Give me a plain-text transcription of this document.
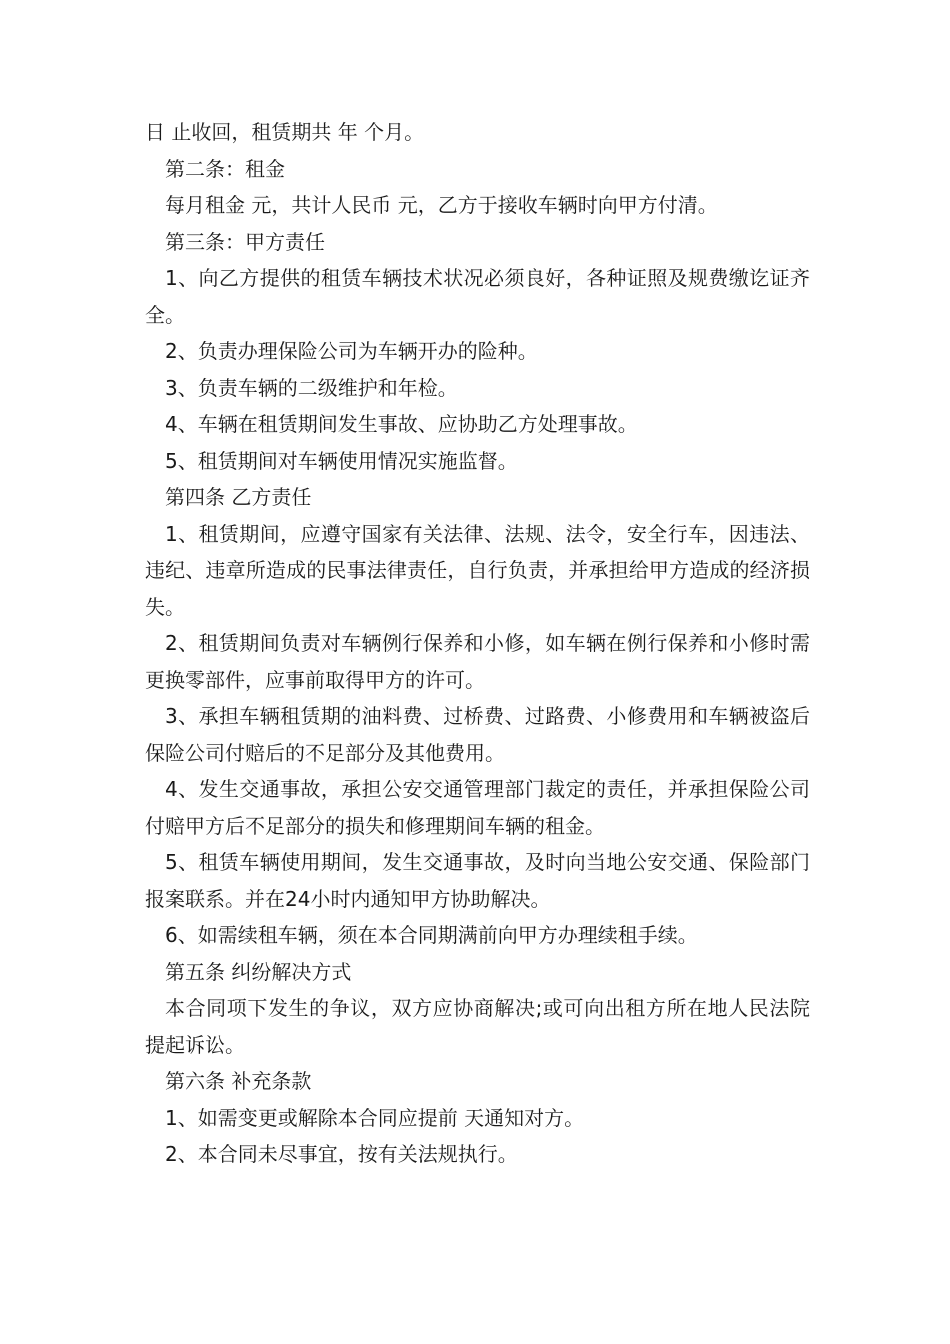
日 止收回，租赁期共 年 个月。

第二条：租金

每月租金 元，共计人民币 元，乙方于接收车辆时向甲方付清。

第三条：甲方责任

1、向乙方提供的租赁车辆技术状况必须良好，各种证照及规费缴讫证齐全。

2、负责办理保险公司为车辆开办的险种。

3、负责车辆的二级维护和年检。

4、车辆在租赁期间发生事故、应协助乙方处理事故。

5、租赁期间对车辆使用情况实施监督。

第四条 乙方责任

1、租赁期间，应遵守国家有关法律、法规、法令，安全行车，因违法、违纪、违章所造成的民事法律责任，自行负责，并承担给甲方造成的经济损失。

2、租赁期间负责对车辆例行保养和小修，如车辆在例行保养和小修时需更换零部件，应事前取得甲方的许可。

3、承担车辆租赁期的油料费、过桥费、过路费、小修费用和车辆被盗后保险公司付赔后的不足部分及其他费用。

4、发生交通事故，承担公安交通管理部门裁定的责任，并承担保险公司付赔甲方后不足部分的损失和修理期间车辆的租金。

5、租赁车辆使用期间，发生交通事故，及时向当地公安交通、保险部门报案联系。并在24小时内通知甲方协助解决。

6、如需续租车辆，须在本合同期满前向甲方办理续租手续。

第五条 纠纷解决方式

本合同项下发生的争议，双方应协商解决;或可向出租方所在地人民法院提起诉讼。

第六条 补充条款

1、如需变更或解除本合同应提前 天通知对方。

2、本合同未尽事宜，按有关法规执行。
